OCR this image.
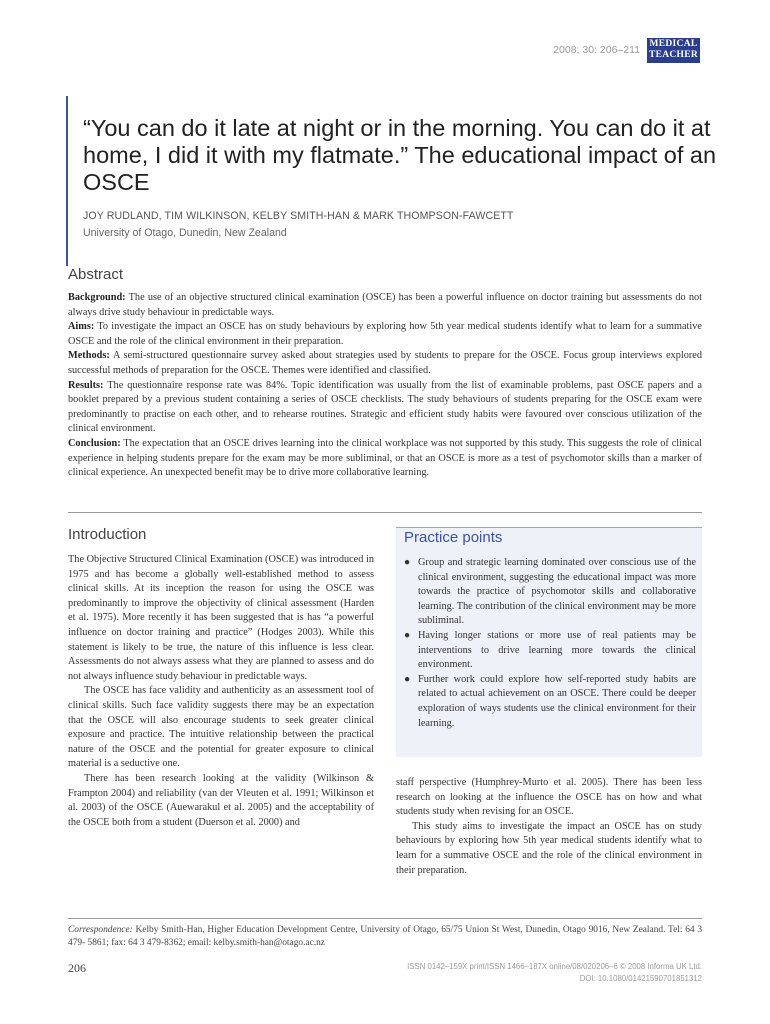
2008; 30: 206–211 MEDICAL
TEACHER
“You can do it late at night or in the morning. You can do it at home, I did it with my flatmate.” The educational impact of an OSCE
JOY RUDLAND, TIM WILKINSON, KELBY SMITH-HAN & MARK THOMPSON-FAWCETT
University of Otago, Dunedin, New Zealand
Abstract

Background: The use of an objective structured clinical examination (OSCE) has been a powerful influence on doctor training but assessments do not always drive study behaviour in predictable ways.

Aims: To investigate the impact an OSCE has on study behaviours by exploring how 5th year medical students identify what to learn for a summative OSCE and the role of the clinical environment in their preparation.

Methods: A semi-structured questionnaire survey asked about strategies used by students to prepare for the OSCE. Focus group interviews explored successful methods of preparation for the OSCE. Themes were identified and classified.

Results: The questionnaire response rate was 84%. Topic identification was usually from the list of examinable problems, past OSCE papers and a booklet prepared by a previous student containing a series of OSCE checklists. The study behaviours of students preparing for the OSCE exam were predominantly to practise on each other, and to rehearse routines. Strategic and efficient study habits were favoured over conscious utilization of the clinical environment.

Conclusion: The expectation that an OSCE drives learning into the clinical workplace was not supported by this study. This suggests the role of clinical experience in helping students prepare for the exam may be more subliminal, or that an OSCE is more as a test of psychomotor skills than a marker of clinical experience. An unexpected benefit may be to drive more collaborative learning.

Introduction

The Objective Structured Clinical Examination (OSCE) was introduced in 1975 and has become a globally well-established method to assess clinical skills. At its inception the reason for using the OSCE was predominantly to improve the objectivity of clinical assessment (Harden et al. 1975). More recently it has been suggested that is has “a powerful influence on doctor training and practice” (Hodges 2003). While this statement is likely to be true, the nature of this influence is less clear. Assessments do not always assess what they are planned to assess and do not always influence study behaviour in predictable ways.

The OSCE has face validity and authenticity as an assessment tool of clinical skills. Such face validity suggests there may be an expectation that the OSCE will also encourage students to seek greater clinical exposure and practice. The intuitive relationship between the practical nature of the OSCE and the potential for greater exposure to clinical material is a seductive one.

There has been research looking at the validity (Wilkinson & Frampton 2004) and reliability (van der Vleuten et al. 1991; Wilkinson et al. 2003) of the OSCE (Auewarakul et al. 2005) and the acceptability of the OSCE both from a student (Duerson et al. 2000) and

Practice points
● Group and strategic learning dominated over conscious use of the clinical environment, suggesting the educational impact was more towards the practice of psychomotor skills and collaborative learning. The contribution of the clinical environment may be more subliminal.
● Having longer stations or more use of real patients may be interventions to drive learning more towards the clinical environment.
● Further work could explore how self-reported study habits are related to actual achievement on an OSCE. There could be deeper exploration of ways students use the clinical environment for their learning.

staff perspective (Humphrey-Murto et al. 2005). There has been less research on looking at the influence the OSCE has on how and what students study when revising for an OSCE.

This study aims to investigate the impact an OSCE has on study behaviours by exploring how 5th year medical students identify what to learn for a summative OSCE and the role of the clinical environment in their preparation.

Correspondence: Kelby Smith-Han, Higher Education Development Centre, University of Otago, 65/75 Union St West, Dunedin, Otago 9016, New Zealand. Tel: 64 3 479- 5861; fax: 64 3 479-8362; email: kelby.smith-han@otago.ac.nz
206	ISSN 0142–159X print/ISSN 1466–187X online/08/020206–6 © 2008 Informa UK Ltd.
DOI: 10.1080/01421590701851312
